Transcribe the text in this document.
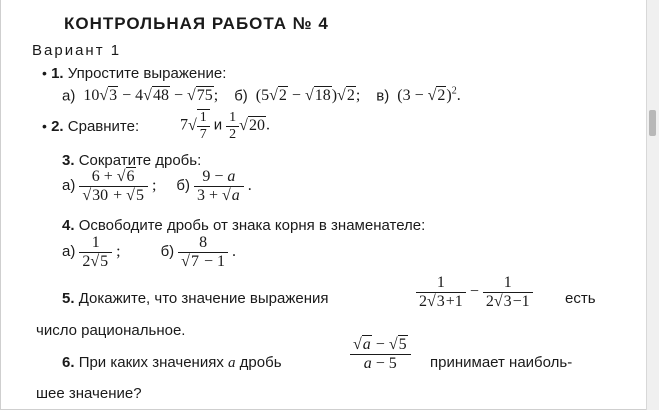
КОНТРОЛЬНАЯ РАБОТА № 4
Вариант 1
• 1. Упростите выражение:
а)  10√3 − 4√48 − √75; б)  (5√2 − √18)√2; в)  $(3 - √2)^2$.
• 2. Сравните:	$7√ \frac{1}{7}$ и $\frac{1}{2} √20$.
3. Сократите дробь:
$а) \frac{6 + √6}{√30 + √5}$ ;     $б) \frac{9 - a}{3 + √a}$ .
4. Освободите дробь от знака корня в знаменателе:
$а) \frac{1}{2√5}$ ;          $б) \frac{8}{√7 - 1}$ .
5. Докажите, что значение выражения	$\frac{1}{2√3+1} - \frac{1}{2√3-1}$ есть
число рациональное.
6. При каких значениях a дробь	$\frac{√a - √5}{a - 5}$ принимает наиболь-
шее значение?
